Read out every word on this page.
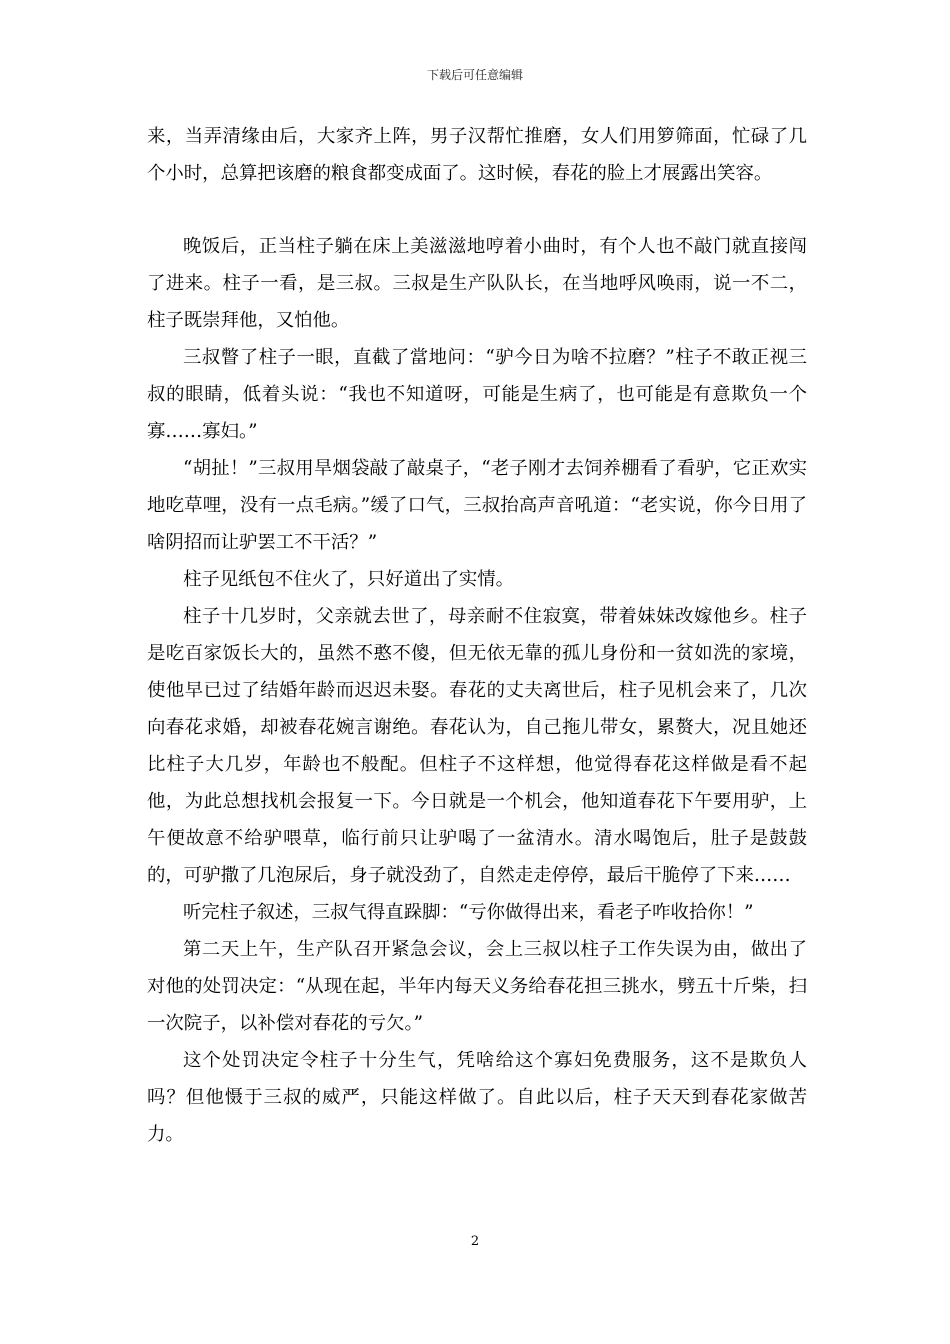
下载后可任意编辑

来，当弄清缘由后，大家齐上阵，男子汉帮忙推磨，女人们用箩筛面，忙碌了几个小时，总算把该磨的粮食都变成面了。这时候，春花的脸上才展露出笑容。

晚饭后，正当柱子躺在床上美滋滋地哼着小曲时，有个人也不敲门就直接闯了进来。柱子一看，是三叔。三叔是生产队队长，在当地呼风唤雨，说一不二，柱子既崇拜他，又怕他。

三叔瞥了柱子一眼，直截了當地问：“驴今日为啥不拉磨？”柱子不敢正视三叔的眼睛，低着头说：“我也不知道呀，可能是生病了，也可能是有意欺负一个寡……寡妇。”

“胡扯！”三叔用旱烟袋敲了敲桌子，“老子刚才去饲养棚看了看驴，它正欢实地吃草哩，没有一点毛病。”缓了口气，三叔抬高声音吼道：“老实说，你今日用了啥阴招而让驴罢工不干活？”

柱子见纸包不住火了，只好道出了实情。

柱子十几岁时，父亲就去世了，母亲耐不住寂寞，带着妹妹改嫁他乡。柱子是吃百家饭长大的，虽然不憨不傻，但无依无靠的孤儿身份和一贫如洗的家境，使他早已过了结婚年龄而迟迟未娶。春花的丈夫离世后，柱子见机会来了，几次向春花求婚，却被春花婉言谢绝。春花认为，自己拖儿带女，累赘大，况且她还比柱子大几岁，年龄也不般配。但柱子不这样想，他觉得春花这样做是看不起他，为此总想找机会报复一下。今日就是一个机会，他知道春花下午要用驴，上午便故意不给驴喂草，临行前只让驴喝了一盆清水。清水喝饱后，肚子是鼓鼓的，可驴撒了几泡尿后，身子就没劲了，自然走走停停，最后干脆停了下来……

听完柱子叙述，三叔气得直跺脚：“亏你做得出来，看老子咋收拾你！”

第二天上午，生产队召开紧急会议，会上三叔以柱子工作失误为由，做出了对他的处罚决定：“从现在起，半年内每天义务给春花担三挑水，劈五十斤柴，扫一次院子，以补偿对春花的亏欠。”

这个处罚决定令柱子十分生气，凭啥给这个寡妇免费服务，这不是欺负人吗？但他慑于三叔的威严，只能这样做了。自此以后，柱子天天到春花家做苦力。

2
